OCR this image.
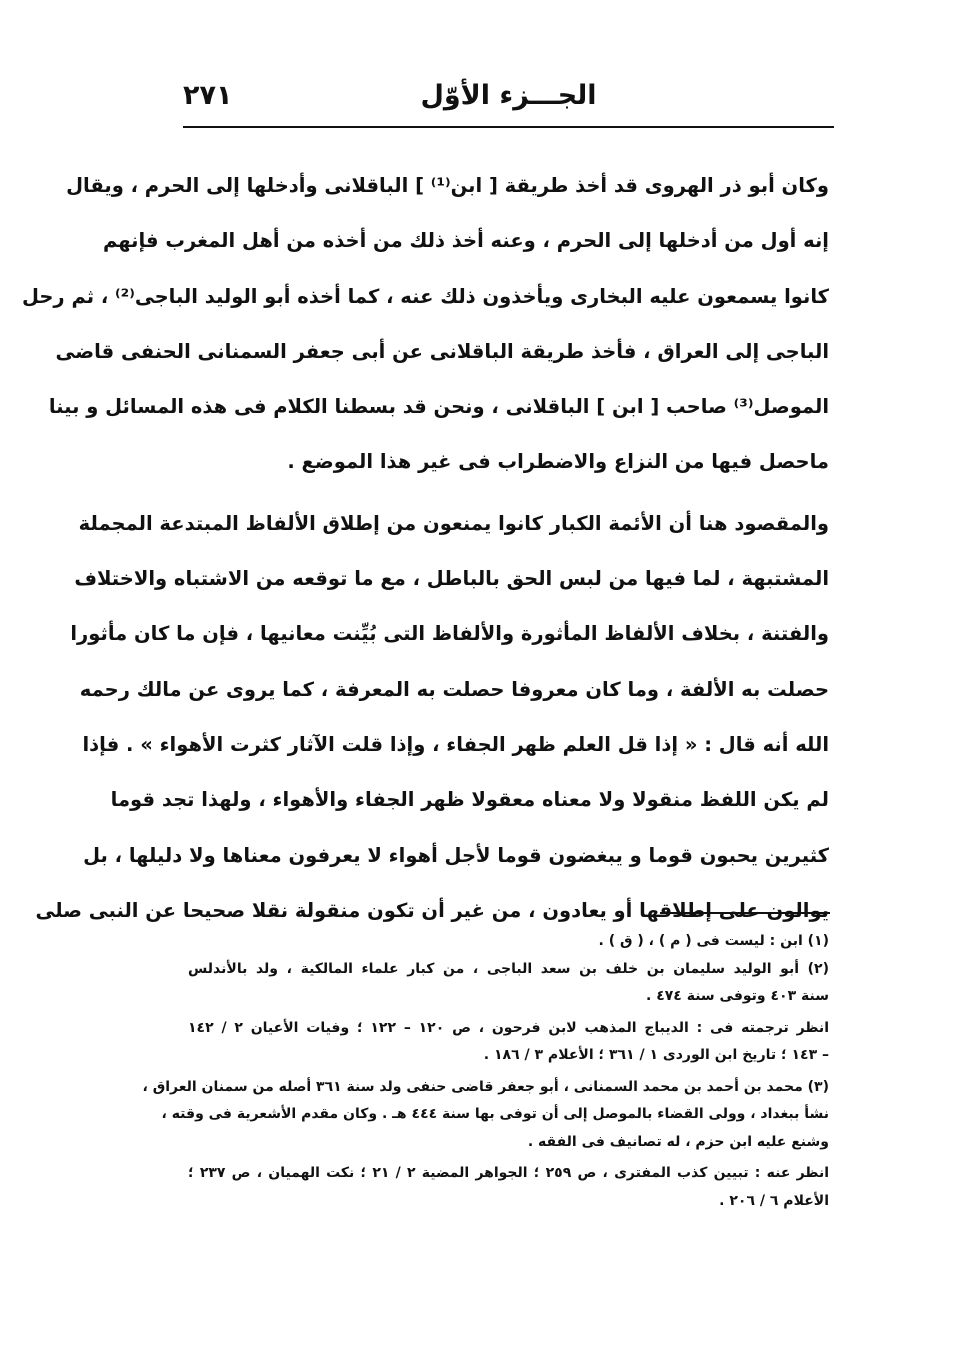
٢٧١	الجـــزء الأوّل
وكان أبو ذر الهروى قد أخذ طريقة [ ابن⁽¹⁾ ] الباقلانى وأدخلها إلى الحرم ، ويقال
إنه أول من أدخلها إلى الحرم ، وعنه أخذ ذلك من أخذه من أهل المغرب فإنهم
كانوا يسمعون عليه البخارى ويأخذون ذلك عنه ، كما أخذه أبو الوليد الباجى⁽²⁾ ، ثم رحل
الباجى إلى العراق ، فأخذ طريقة الباقلانى عن أبى جعفر السمنانى الحنفى قاضى
الموصل⁽³⁾ صاحب [ ابن ] الباقلانى ، ونحن قد بسطنا الكلام فى هذه المسائل و بينا
ماحصل فيها من النزاع والاضطراب فى غير هذا الموضع .
والمقصود هنا أن الأئمة الكبار كانوا يمنعون من إطلاق الألفاظ المبتدعة المجملة
المشتبهة ، لما فيها من لبس الحق بالباطل ، مع ما توقعه من الاشتباه والاختلاف
والفتنة ، بخلاف الألفاظ المأثورة والألفاظ التى بُيِّنت معانيها ، فإن ما كان مأثورا
حصلت به الألفة ، وما كان معروفا حصلت به المعرفة ، كما يروى عن مالك رحمه
الله أنه قال : « إذا قل العلم ظهر الجفاء ، وإذا قلت الآثار كثرت الأهواء » . فإذا
لم يكن اللفظ منقولا ولا معناه معقولا ظهر الجفاء والأهواء ، ولهذا تجد قوما
كثيرين يحبون قوما و يبغضون قوما لأجل أهواء لا يعرفون معناها ولا دليلها ، بل
يوالون على إطلاقها أو يعادون ، من غير أن تكون منقولة نقلا صحيحا عن النبى صلى
(١) ابن : ليست فى ( م ) ، ( ق ) .
(٢) أبو الوليد سليمان بن خلف بن سعد الباجى ، من كبار علماء المالكية ، ولد بالأندلس
سنة ٤٠٣ وتوفى سنة ٤٧٤ .
انظر ترجمته فى : الديباج المذهب لابن فرحون ، ص ١٢٠ – ١٢٢ ؛ وفيات الأعيان ٢ / ١٤٢
– ١٤٣ ؛ تاريخ ابن الوردى ١ / ٣٦١ ؛ الأعلام ٣ / ١٨٦ .
(٣) محمد بن أحمد بن محمد السمنانى ، أبو جعفر قاضى حنفى ولد سنة ٣٦١ أصله من سمنان العراق ،
نشأ ببغداد ، وولى القضاء بالموصل إلى أن توفى بها سنة ٤٤٤ هـ . وكان مقدم الأشعرية فى وقته ،
وشنع عليه ابن حزم ، له تصانيف فى الفقه .
انظر عنه : تبيين كذب المفترى ، ص ٢٥٩ ؛ الجواهر المضية ٢ / ٢١ ؛ نكت الهميان ، ص ٢٣٧ ؛
الأعلام ٦ / ٢٠٦ .
